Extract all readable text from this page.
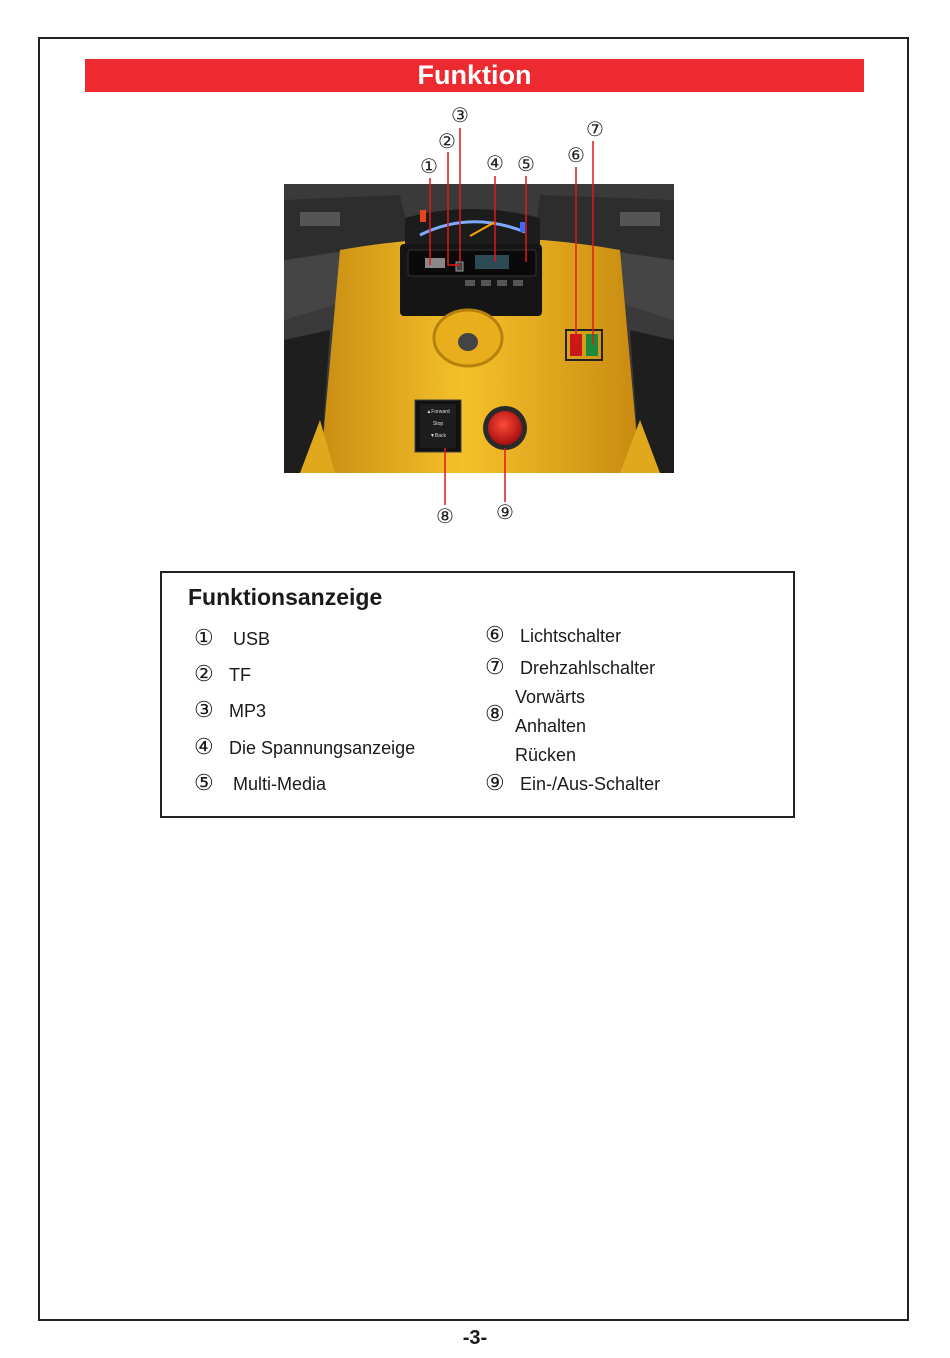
Funktion
▲Forward
Stop
▼Back
①
②
③
④ ⑤ ⑥
⑦
⑧ ⑨
Funktionsanzeige
① USB
② TF
③ MP3
④ Die Spannungsanzeige
⑤ Multi-Media
⑥ Lichtschalter
⑦ Drehzahlschalter
⑧
Vorwärts
Anhalten
Rücken
⑨ Ein-/Aus-Schalter
-3-
